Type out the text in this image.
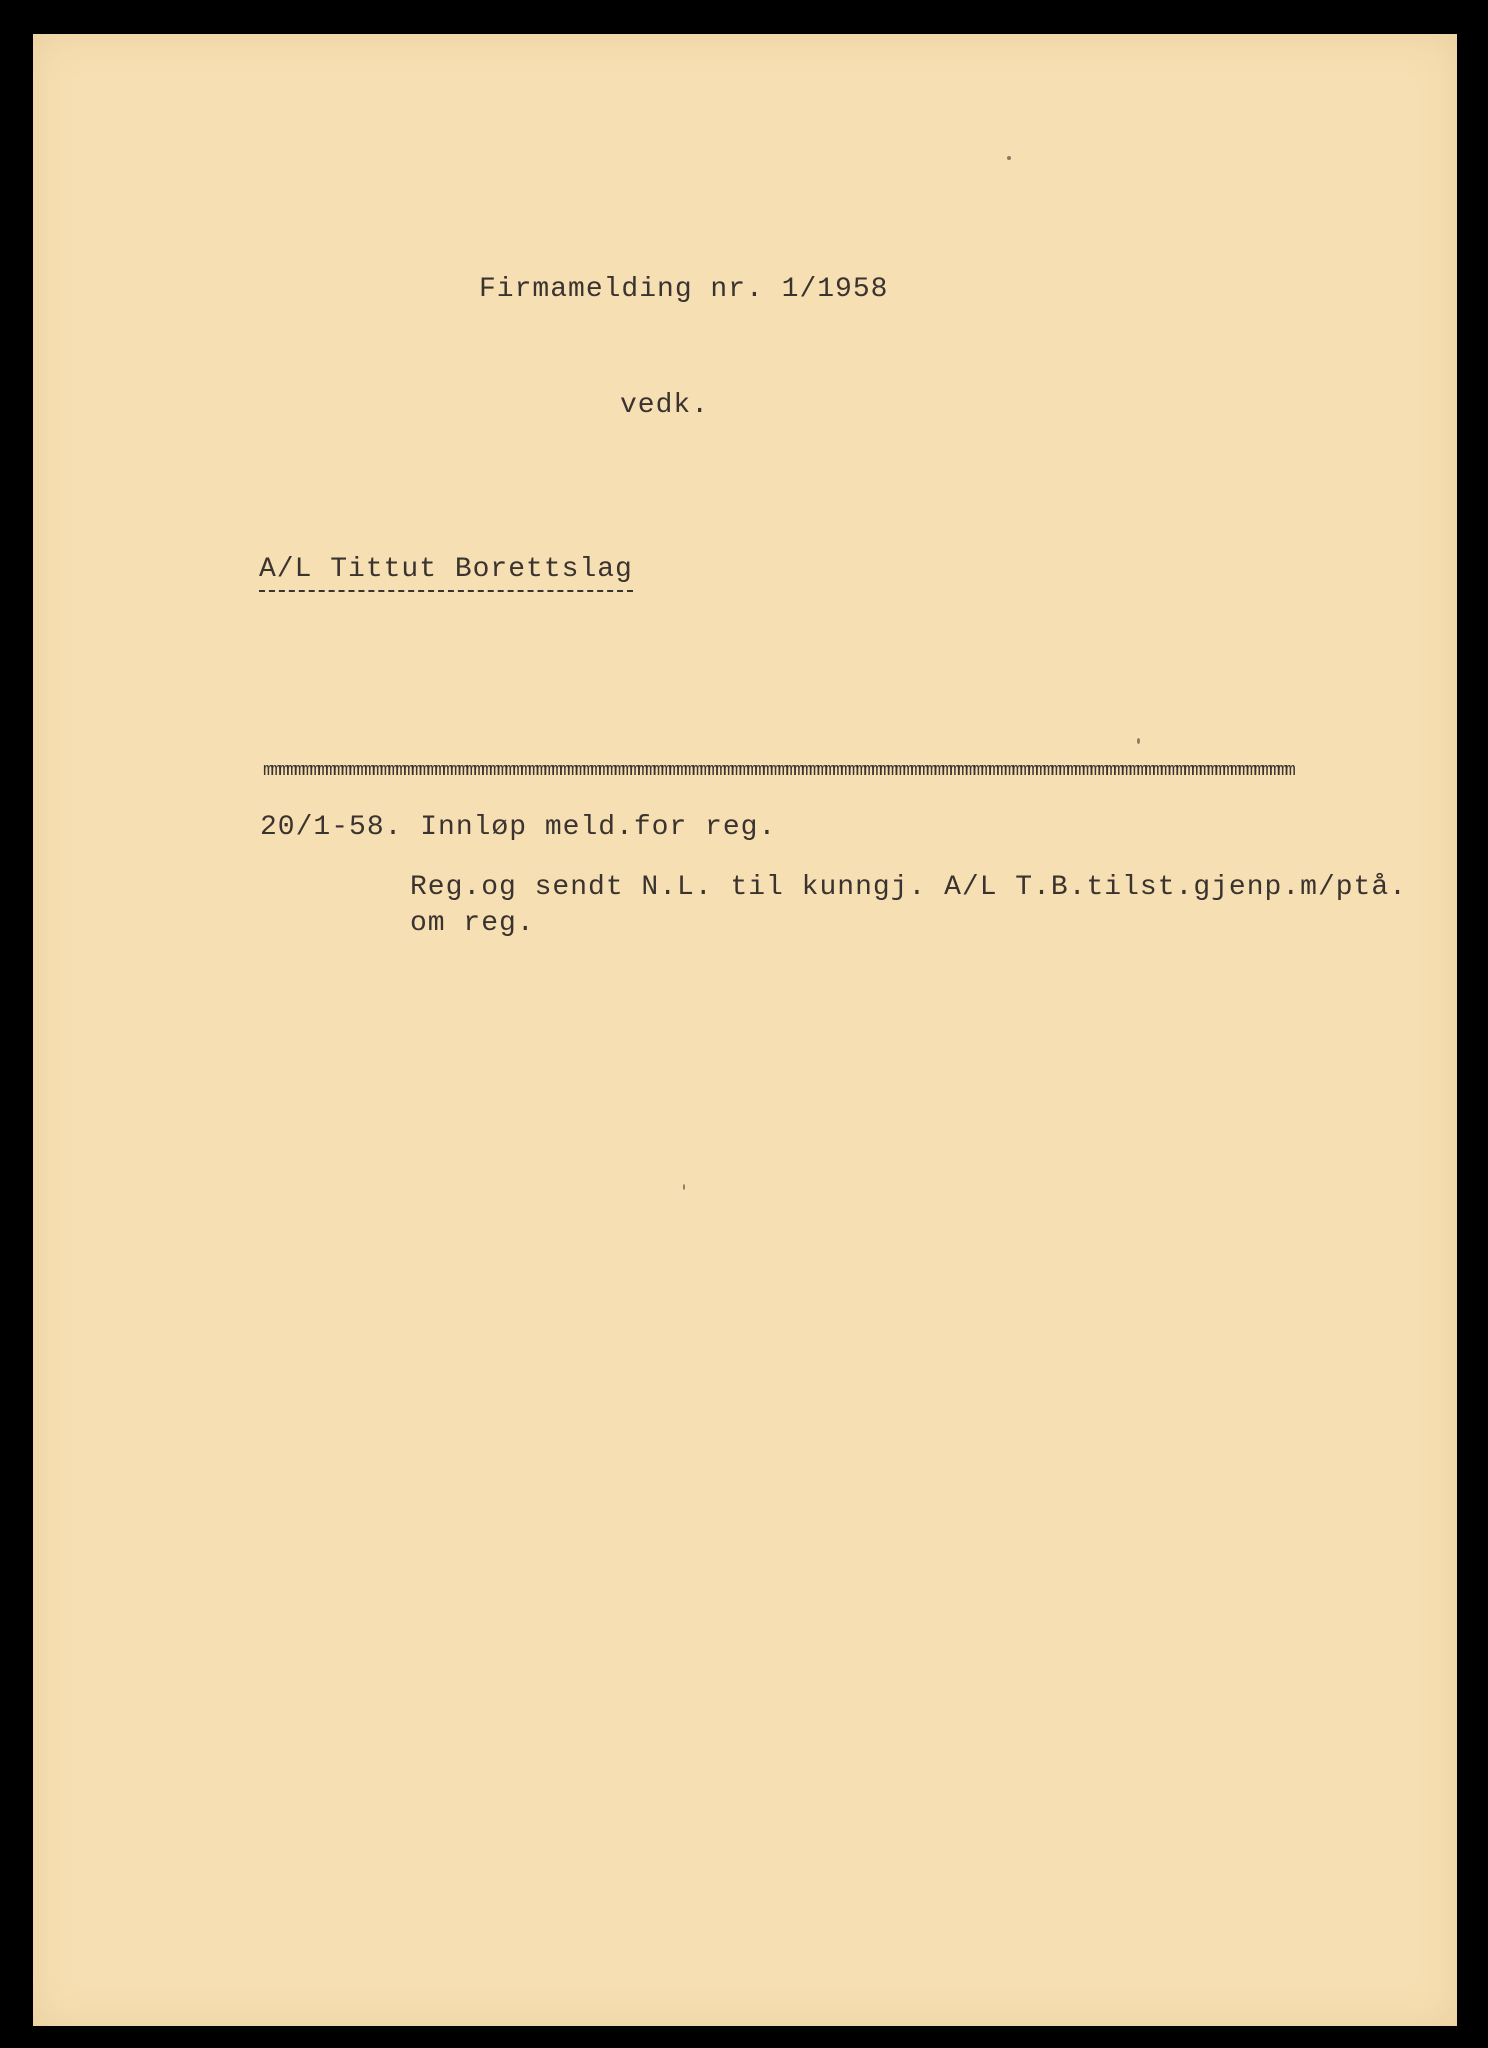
Firmamelding nr. 1/1958
vedk.
A/L Tittut Borettslag
mmmmmmmmmmmmmmmmmmmmmmmmmmmmmmmmmmmmmmmmmmmmmmmmmmmmmmmmmmmmmmmmmmmmmmmmmmmmmmmmmmmmmmmmmmmmmmmmmmmmmmmmmmmmmmmmmmmmmmmmmmmmmmmmmmmm
20/1-58. Innløp meld.for reg.
Reg.og sendt N.L. til kunngj. A/L T.B.tilst.gjenp.m/ptå.
om reg.
